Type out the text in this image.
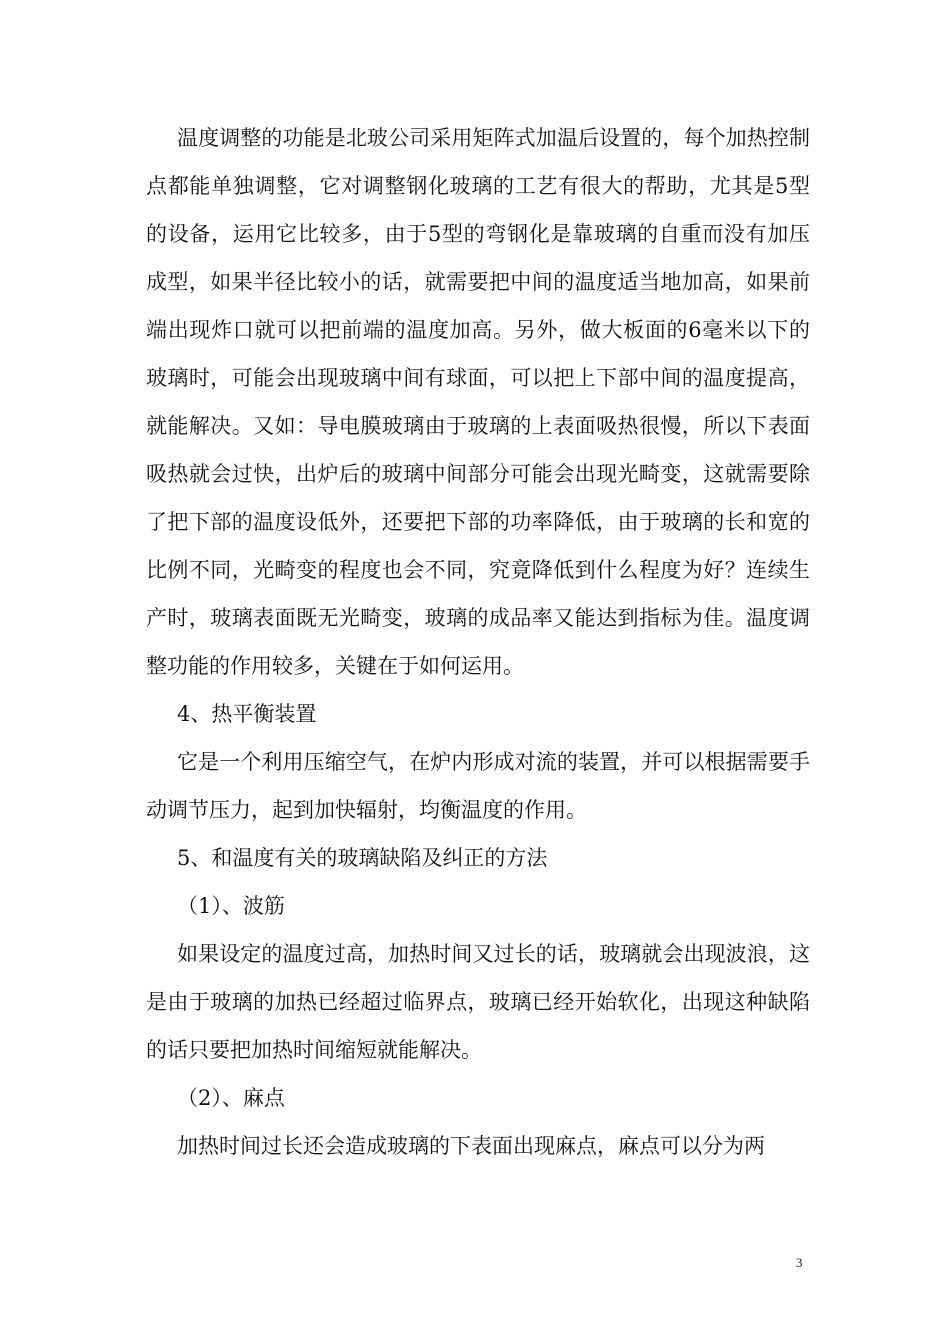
温度调整的功能是北玻公司采用矩阵式加温后设置的，每个加热控制点都能单独调整，它对调整钢化玻璃的工艺有很大的帮助，尤其是5型的设备，运用它比较多，由于5型的弯钢化是靠玻璃的自重而没有加压成型，如果半径比较小的话，就需要把中间的温度适当地加高，如果前端出现炸口就可以把前端的温度加高。另外，做大板面的6毫米以下的玻璃时，可能会出现玻璃中间有球面，可以把上下部中间的温度提高，就能解决。又如：导电膜玻璃由于玻璃的上表面吸热很慢，所以下表面吸热就会过快，出炉后的玻璃中间部分可能会出现光畸变，这就需要除了把下部的温度设低外，还要把下部的功率降低，由于玻璃的长和宽的比例不同，光畸变的程度也会不同，究竟降低到什么程度为好？连续生产时，玻璃表面既无光畸变，玻璃的成品率又能达到指标为佳。温度调整功能的作用较多，关键在于如何运用。

4、热平衡装置

它是一个利用压缩空气，在炉内形成对流的装置，并可以根据需要手动调节压力，起到加快辐射，均衡温度的作用。

5、和温度有关的玻璃缺陷及纠正的方法

（1）、波筋

如果设定的温度过高，加热时间又过长的话，玻璃就会出现波浪，这是由于玻璃的加热已经超过临界点，玻璃已经开始软化，出现这种缺陷的话只要把加热时间缩短就能解决。

（2）、麻点

加热时间过长还会造成玻璃的下表面出现麻点，麻点可以分为两

3
